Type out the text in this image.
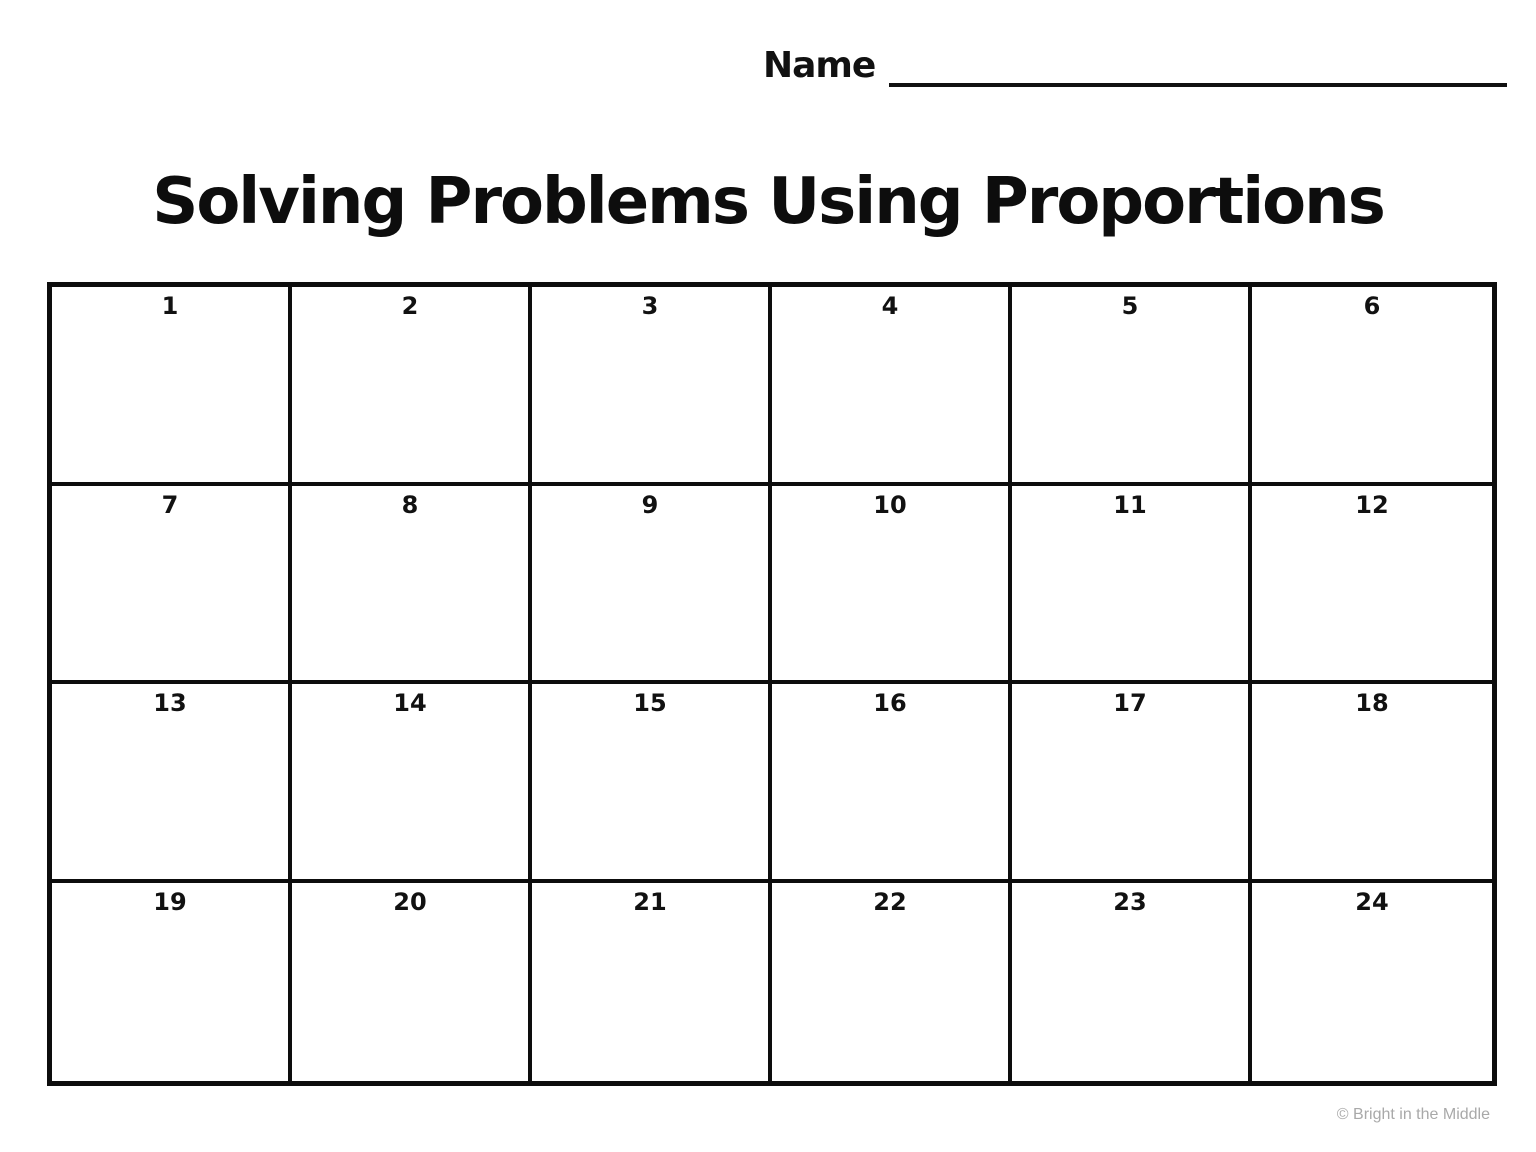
Name
Solving Problems Using Proportions
1	2	3	4	5	6
7	8	9	10	11	12
13	14	15	16	17	18
19	20	21	22	23	24
© Bright in the Middle
